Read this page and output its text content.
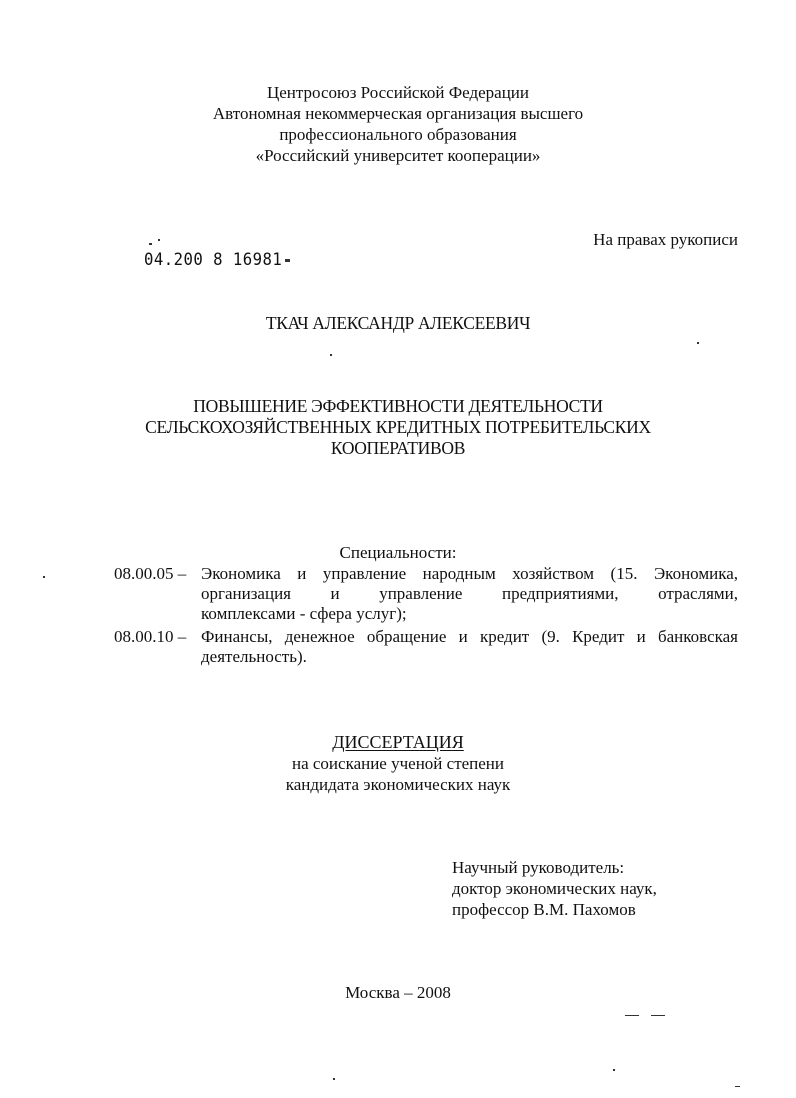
Центросоюз Российской Федерации
Автономная некоммерческая организация высшего
профессионального образования
«Российский университет кооперации»
На правах рукописи
04.200 8 16981
ТКАЧ АЛЕКСАНДР АЛЕКСЕЕВИЧ
ПОВЫШЕНИЕ ЭФФЕКТИВНОСТИ ДЕЯТЕЛЬНОСТИ
СЕЛЬСКОХОЗЯЙСТВЕННЫХ КРЕДИТНЫХ ПОТРЕБИТЕЛЬСКИХ
КООПЕРАТИВОВ
Специальности:
08.00.05 – Экономика и управление народным хозяйством (15. Экономика,
организация и управление предприятиями, отраслями,
комплексами - сфера услуг);
08.00.10 – Финансы, денежное обращение и кредит (9. Кредит и банковская
деятельность).
ДИССЕРТАЦИЯ
на соискание ученой степени
кандидата экономических наук
Научный руководитель:
доктор экономических наук,
профессор В.М. Пахомов
Москва – 2008
